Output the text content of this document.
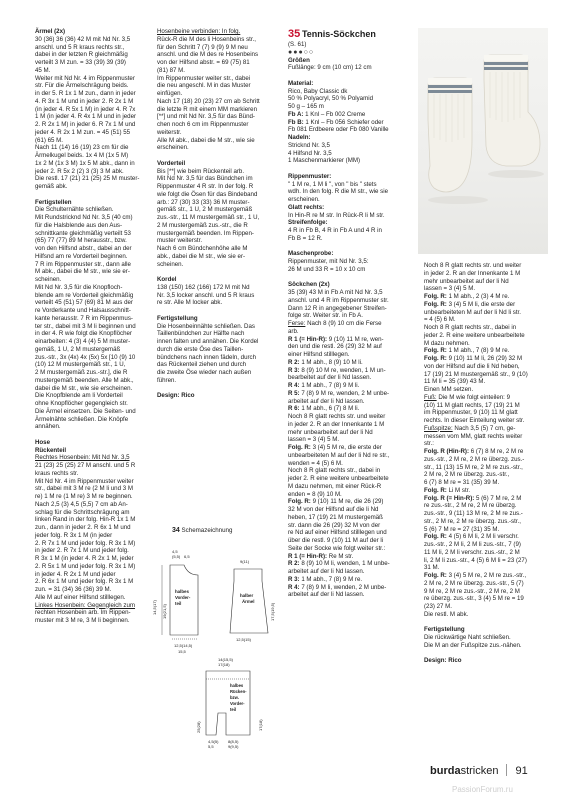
Ärmel (2x)

30 (36) 36 (36) 42 M mit Nd Nr. 3,5

anschl. und 5 R kraus rechts str.,

dabei in der letzten R gleichmäßig

verteilt 3 M zun. = 33 (39) 39 (39)

45 M.

Weiter mit Nd Nr. 4 im Rippenmuster

str. Für die Ärmelschrägung beids.

in der 5. R 1x 1 M zun., dann in jeder

4. R 3x 1 M und in jeder 2. R 2x 1 M

(in jeder 4. R 5x 1 M) in jeder 4. R 7x

1 M (in jeder 4. R 4x 1 M und in jeder

2. R 2x 1 M) in jeder 6. R 7x 1 M und

jeder 4. R 2x 1 M zun. = 45 (51) 55

(61) 65 M.

Nach 11 (14) 16 (19) 23 cm für die

Ärmelkugel beids. 1x 4 M (1x 5 M)

1x 2 M (1x 3 M) 1x 5 M abk., dann in

jeder 2. R 5x 2 (2) 3 (3) 3 M abk.

Die restl. 17 (21) 21 (25) 25 M muster-

gemäß abk.

Fertigstellen

Die Schulternähte schließen.

Mit Rundstricknd Nd Nr. 3,5 (40 cm)

für die Halsblende aus den Aus-

schnittkante gleichmäßig verteilt 53

(65) 77 (77) 89 M herausstr., bzw.

von den Hilfsnd abstr., dabei an der

Hilfsnd am re Vorderteil beginnen.

7 R im Rippenmuster str., dann alle

M abk., dabei die M str., wie sie er-

scheinen.

Mit Nd Nr. 3,5 für die Knopfloch-

blende am re Vorderteil gleichmäßig

verteilt 45 (51) 57 (69) 81 M aus der

re Vorderkante und Halsausschnitt-

kante herausstr. 7 R im Rippenmus-

ter str., dabei mit 3 M li beginnen und

in der 4. R wie folgt die Knopflöcher

einarbeiten: 4 (3) 4 (4) 5 M muster-

gemäß, 1 U, 2 M mustergemäß

zus.-str., 3x (4x) 4x (5x) 5x [10 (9) 10

(10) 12 M mustergemäß str., 1 U,

2 M mustergemäß zus.-str.], die R

mustergemäß beenden. Alle M abk.,

dabei die M str., wie sie erscheinen.

Die Knopfblende am li Vorderteil

ohne Knopflöcher gegengleich str.

Die Ärmel einsetzen. Die Seiten- und

Ärmelnähte schließen. Die Knöpfe

annähen.

Hose

Rückenteil

Rechtes Hosenbein: Mit Nd Nr. 3,5

21 (23) 25 (25) 27 M anschl. und 5 R

kraus rechts str.

Mit Nd Nr. 4 im Rippenmuster weiter

str., dabei mit 3 M re (2 M li und 3 M

re) 1 M re (1 M re) 3 M re beginnen.

Nach 2,5 (3) 4,5 (5,5) 7 cm ab An-

schlag für die Schrittschrägung am

linken Rand in der folg. Hin-R 1x 1 M

zun., dann in jeder 2. R 6x 1 M und

jeder folg. R 3x 1 M (in jeder

2. R 7x 1 M und jeder folg. R 3x 1 M)

in jeder 2. R 7x 1 M und jeder folg.

R 3x 1 M (in jeder 4. R 2x 1 M, jeder

2. R 5x 1 M und jeder folg. R 3x 1 M)

in jeder 4. R 2x 1 M und jeder

2. R 6x 1 M und jeder folg. R 3x 1 M

zun. = 31 (34) 36 (36) 39 M.

Alle M auf einer Hilfsnd stilllegen.

Linkes Hosenbein: Gegengleich zum

rechten Hosenbein arb. Im Rippen-

muster mit 3 M re, 3 M li beginnen.

Hosenbeine verbinden: In folg.

Rück-R die M des li Hosenbeins str.,

für den Schritt 7 (7) 9 (9) 9 M neu

anschl. und die M des re Hosenbeins

von der Hilfsnd abstr. = 69 (75) 81

(81) 87 M.

Im Rippenmuster weiter str., dabei

die neu angeschl. M in das Muster

einfügen.

Nach 17 (18) 20 (23) 27 cm ab Schritt

die letzte R mit einem MM markieren

[**] und mit Nd Nr. 3,5 für das Bünd-

chen noch 6 cm im Rippenmuster

weiterstr.

Alle M abk., dabei die M str., wie sie

erscheinen.

Vorderteil

Bis [**] wie beim Rückenteil arb.

Mit Nd Nr. 3,5 für das Bündchen im

Rippenmuster 4 R str. In der folg. R

wie folgt die Ösen für das Bindeband

arb.: 27 (30) 33 (33) 36 M muster-

gemäß str., 1 U, 2 M mustergemäß

zus.-str., 11 M mustergemäß str., 1 U,

2 M mustergemäß zus.-str., die R

mustergemäß beenden. Im Rippen-

muster weiterstr.

Nach 6 cm Bündchenhöhe alle M

abk., dabei die M str., wie sie er-

scheinen.

Kordel

138 (150) 162 (166) 172 M mit Nd

Nr. 3,5 locker anschl. und 5 R kraus

re str. Alle M locker abk.

Fertigstellung

Die Hosenbeinnähte schließen. Das

Taillenbündchen zur Hälfte nach

innen falten und annähen. Die Kordel

durch die erste Öse des Taillen-

bündchens nach innen fädeln, durch

das Rückenteil ziehen und durch

die zweite Öse wieder nach außen

führen.

Design: Rico

35 Tennis-Söckchen

(S. 61)

●●●○○

Größen

Fußlänge: 9 cm (10 cm) 12 cm

Material:

Rico, Baby Classic dk

50 % Polyacryl, 50 % Polyamid

50 g – 165 m

Fb A: 1 Knl – Fb 002 Creme

Fb B: 1 Knl – Fb 056 Schiefer oder

Fb 081 Erdbeere oder Fb 080 Vanille

Nadeln:

Stricknd Nr. 3,5

4 Hilfsnd Nr. 3,5

1 Maschenmarkierer (MM)

Rippenmuster:

" 1 M re, 1 M li ", von " bis " stets

wdh. In den folg. R die M str., wie sie

erscheinen.

Glatt rechts:

In Hin-R re M str. In Rück-R li M str.

Streifenfolge:

4 R in Fb B, 4 R in Fb A und 4 R in

Fb B = 12 R.

Maschenprobe:

Rippenmuster, mit Nd Nr. 3,5:

26 M und 33 R = 10 x 10 cm

Söckchen (2x)

35 (39) 43 M in Fb A mit Nd Nr. 3,5

anschl. und 4 R im Rippenmuster str.

Dann 12 R in angegebener Streifen-

folge str. Weiter str. in Fb A.

Ferse: Nach 8 (9) 10 cm die Ferse

arb.

R 1 (= Hin-R): 9 (10) 11 M re, wen-

den und die restl. 26 (29) 32 M auf

einer Hilfsnd stilllegen.

R 2: 1 M abh., 8 (9) 10 M li.

R 3: 8 (9) 10 M re, wenden, 1 M un-

bearbeitet auf der li Nd lassen.

R 4: 1 M abh., 7 (8) 9 M li.

R 5: 7 (8) 9 M re, wenden, 2 M unbe-

arbeitet auf der li Nd lassen.

R 6: 1 M abh., 6 (7) 8 M li.

Noch 8 R glatt rechts str. und weiter

in jeder 2. R an der Innenkante 1 M

mehr unbearbeitet auf der li Nd

lassen = 3 (4) 5 M.

Folg. R: 3 (4) 5 M re, die erste der

unbearbeiteten M auf der li Nd re str.,

wenden = 4 (5) 6 M.

Noch 8 R glatt rechts str., dabei in

jeder 2. R eine weitere unbearbeitete

M dazu nehmen, mit einer Rück-R

enden = 8 (9) 10 M.

Folg. R: 9 (10) 11 M re, die 26 (29)

32 M von der Hilfsnd auf die li Nd

heben, 17 (19) 21 M mustergemäß

str. dann die 26 (29) 32 M von der

re Nd auf einer Hilfsnd stilllegen und

über die restl. 9 (10) 11 M auf der li

Seite der Socke wie folgt weiter str.:

R 1 (= Hin-R): Re M str.

R 2: 8 (9) 10 M li, wenden, 1 M unbe-

arbeitet auf der li Nd lassen.

R 3: 1 M abh., 7 (8) 9 M re.

R 4: 7 (8) 9 M li, wenden, 2 M unbe-

arbeitet auf der li Nd lassen.

Noch 8 R glatt rechts str. und weiter

in jeder 2. R an der Innenkante 1 M

mehr unbearbeitet auf der li Nd

lassen = 3 (4) 5 M.

Folg. R: 1 M abh., 2 (3) 4 M re.

Folg. R: 3 (4) 5 M li, die erste der

unbearbeiteten M auf der li Nd li str.

= 4 (5) 6 M.

Noch 8 R glatt rechts str., dabei in

jeder 2. R eine weitere unbearbeitete

M dazu nehmen.

Folg. R: 1 M abh., 7 (8) 9 M re.

Folg. R: 9 (10) 11 M li, 26 (29) 32 M

von der Hilfsnd auf die li Nd heben,

17 (19) 21 M mustergemäß str., 9 (10)

11 M li = 35 (39) 43 M.

Einen MM setzen.

Fuß: Die M wie folgt einteilen: 9

(10) 11 M glatt rechts, 17 (19) 21 M

im Rippenmuster, 9 (10) 11 M glatt

rechts. In dieser Einteilung weiter str.

Fußspitze: Nach 3,5 (5) 7 cm, ge-

messen vom MM, glatt rechts weiter

str.:

Folg. R (Hin-R): 6 (7) 8 M re, 2 M re

zus.-str., 2 M re, 2 M re überzg. zus.-

str., 11 (13) 15 M re, 2 M re zus.-str.,

2 M re, 2 M re überzg. zus.-str.,

6 (7) 8 M re = 31 (35) 39 M.

Folg. R: Li M str.

Folg. R (= Hin-R): 5 (6) 7 M re, 2 M

re zus.-str., 2 M re, 2 M re überzg.

zus.-str., 9 (11) 13 M re, 2 M re zus.-

str., 2 M re, 2 M re überzg. zus.-str.,

5 (6) 7 M re = 27 (31) 35 M.

Folg. R: 4 (5) 6 M li, 2 M li verschr.

zus.-str., 2 M li, 2 M li zus.-str., 7 (9)

11 M li, 2 M li verschr. zus.-str., 2 M

li, 2 M li zus.-str., 4 (5) 6 M li = 23 (27)

31 M.

Folg. R: 3 (4) 5 M re, 2 M re zus.-str.,

2 M re, 2 M re überzg. zus.-str., 5 (7)

9 M re, 2 M re zus.-str., 2 M re, 2 M

re überzg. zus.-str., 3 (4) 5 M re = 19

(23) 27 M.

Die restl. M abk.

Fertigstellung

Die rückwärtige Naht schließen.

Die M an der Fußspitze zus.-nähen.

Design: Rico

34 Schemazeichnung
halbes
Vorder-
teil
4,5
(5,5) 6,5
14,5(17) 19(21,5)
12,5(14,5)
15,5
halber
Ärmel
9(11)
17,5(19,5)
12,5(15)
halbes
Rücken-
bzw.
Vorder-
teil
14(15,5)
17(18)
17(18)
25(28)
4,5(5)
5,5
8(8,5)
9(9,5)
burdastricken 91
PassionForum.ru
